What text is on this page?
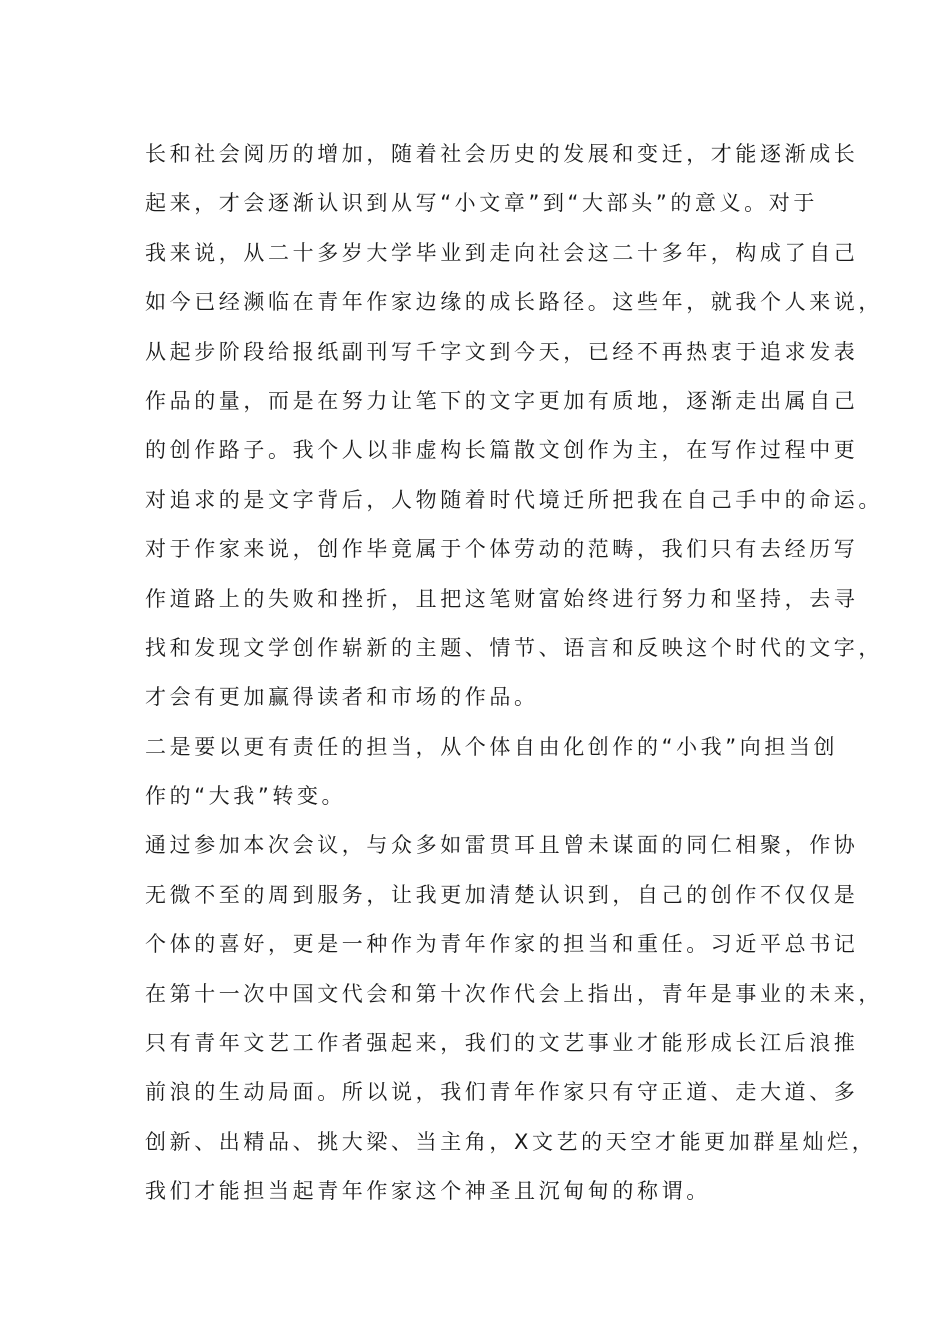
长和社会阅历的增加，随着社会历史的发展和变迁，才能逐渐成长
起来，才会逐渐认识到从写“小文章”到“大部头”的意义。对于
我来说，从二十多岁大学毕业到走向社会这二十多年，构成了自己
如今已经濒临在青年作家边缘的成长路径。这些年，就我个人来说，
从起步阶段给报纸副刊写千字文到今天，已经不再热衷于追求发表
作品的量，而是在努力让笔下的文字更加有质地，逐渐走出属自己
的创作路子。我个人以非虚构长篇散文创作为主，在写作过程中更
对追求的是文字背后，人物随着时代境迁所把我在自己手中的命运。
对于作家来说，创作毕竟属于个体劳动的范畴，我们只有去经历写
作道路上的失败和挫折，且把这笔财富始终进行努力和坚持，去寻
找和发现文学创作崭新的主题、情节、语言和反映这个时代的文字，
才会有更加赢得读者和市场的作品。
二是要以更有责任的担当，从个体自由化创作的“小我”向担当创
作的“大我”转变。
通过参加本次会议，与众多如雷贯耳且曾未谋面的同仁相聚，作协
无微不至的周到服务，让我更加清楚认识到，自己的创作不仅仅是
个体的喜好，更是一种作为青年作家的担当和重任。习近平总书记
在第十一次中国文代会和第十次作代会上指出，青年是事业的未来，
只有青年文艺工作者强起来，我们的文艺事业才能形成长江后浪推
前浪的生动局面。所以说，我们青年作家只有守正道、走大道、多
创新、出精品、挑大梁、当主角，X文艺的天空才能更加群星灿烂，
我们才能担当起青年作家这个神圣且沉甸甸的称谓。
